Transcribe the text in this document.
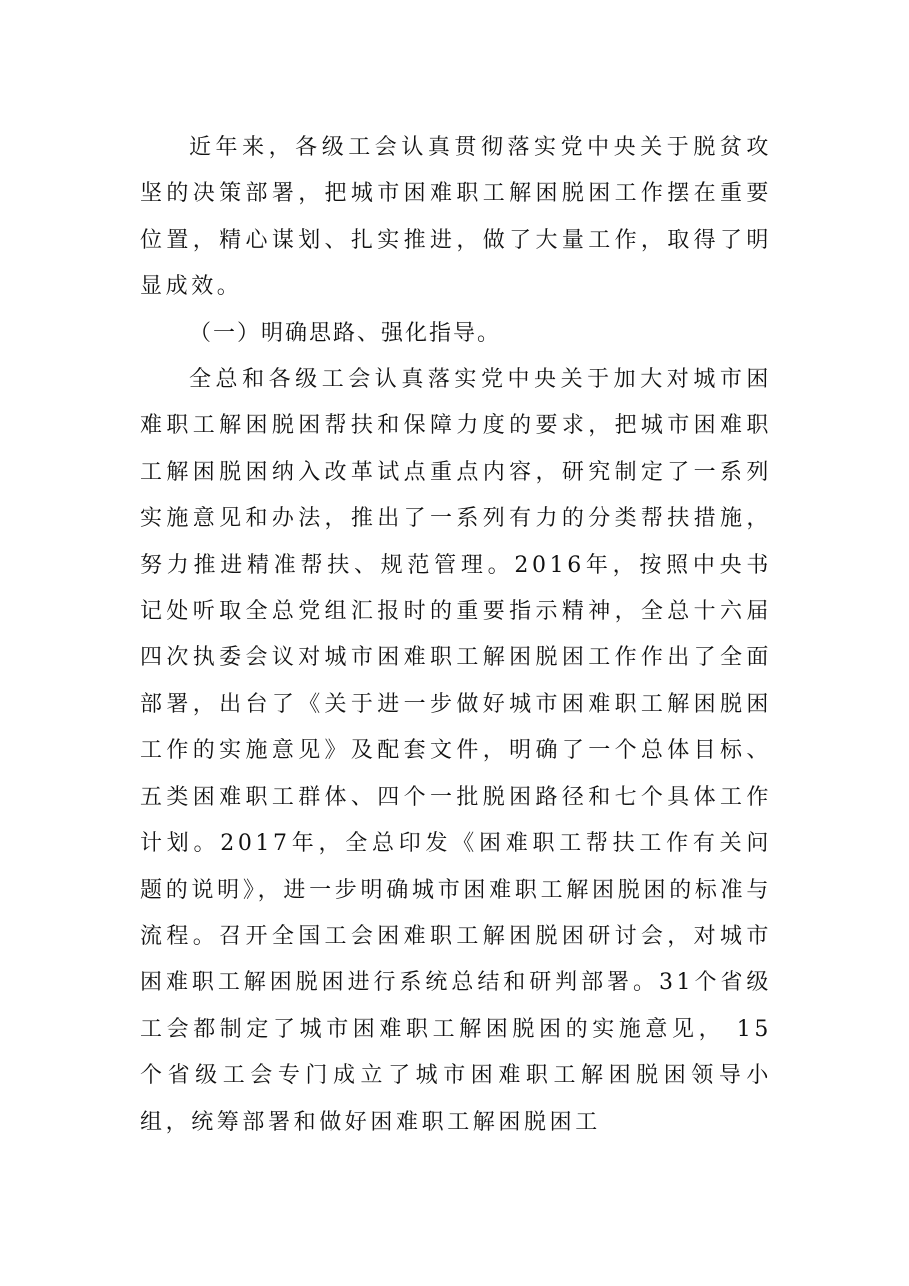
近年来，各级工会认真贯彻落实党中央关于脱贫攻坚的决策部署，把城市困难职工解困脱困工作摆在重要位置，精心谋划、扎实推进，做了大量工作，取得了明显成效。

（一）明确思路、强化指导。

全总和各级工会认真落实党中央关于加大对城市困难职工解困脱困帮扶和保障力度的要求，把城市困难职工解困脱困纳入改革试点重点内容，研究制定了一系列实施意见和办法，推出了一系列有力的分类帮扶措施，努力推进精准帮扶、规范管理。2016年，按照中央书记处听取全总党组汇报时的重要指示精神，全总十六届四次执委会议对城市困难职工解困脱困工作作出了全面部署，出台了《关于进一步做好城市困难职工解困脱困工作的实施意见》及配套文件，明确了一个总体目标、五类困难职工群体、四个一批脱困路径和七个具体工作计划。2017年，全总印发《困难职工帮扶工作有关问题的说明》，进一步明确城市困难职工解困脱困的标准与流程。召开全国工会困难职工解困脱困研讨会，对城市困难职工解困脱困进行系统总结和研判部署。31个省级工会都制定了城市困难职工解困脱困的实施意见， 15个省级工会专门成立了城市困难职工解困脱困领导小组，统筹部署和做好困难职工解困脱困工
